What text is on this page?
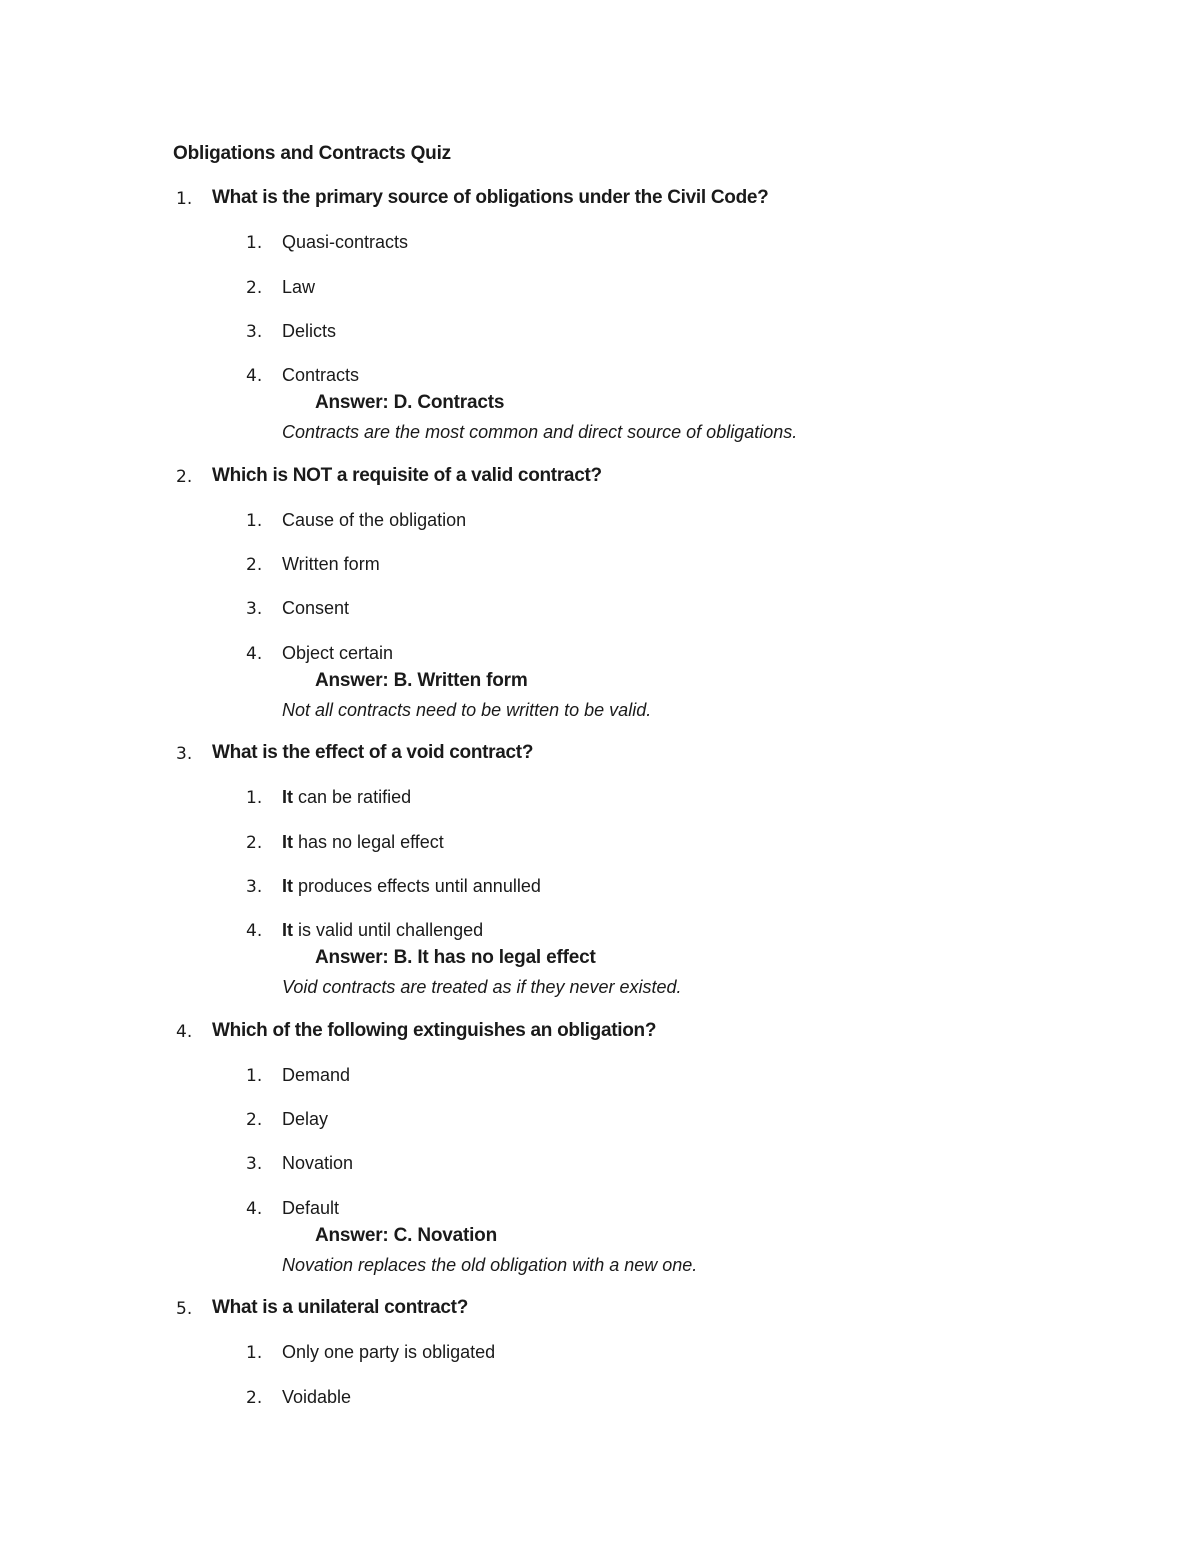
Obligations and Contracts Quiz
1. What is the primary source of obligations under the Civil Code?
1. Quasi-contracts
2. Law
3. Delicts
4. Contracts
Answer: D. Contracts
Contracts are the most common and direct source of obligations.
2. Which is NOT a requisite of a valid contract?
1. Cause of the obligation
2. Written form
3. Consent
4. Object certain
Answer: B. Written form
Not all contracts need to be written to be valid.
3. What is the effect of a void contract?
1. It can be ratified
2. It has no legal effect
3. It produces effects until annulled
4. It is valid until challenged
Answer: B. It has no legal effect
Void contracts are treated as if they never existed.
4. Which of the following extinguishes an obligation?
1. Demand
2. Delay
3. Novation
4. Default
Answer: C. Novation
Novation replaces the old obligation with a new one.
5. What is a unilateral contract?
1. Only one party is obligated
2. Voidable
